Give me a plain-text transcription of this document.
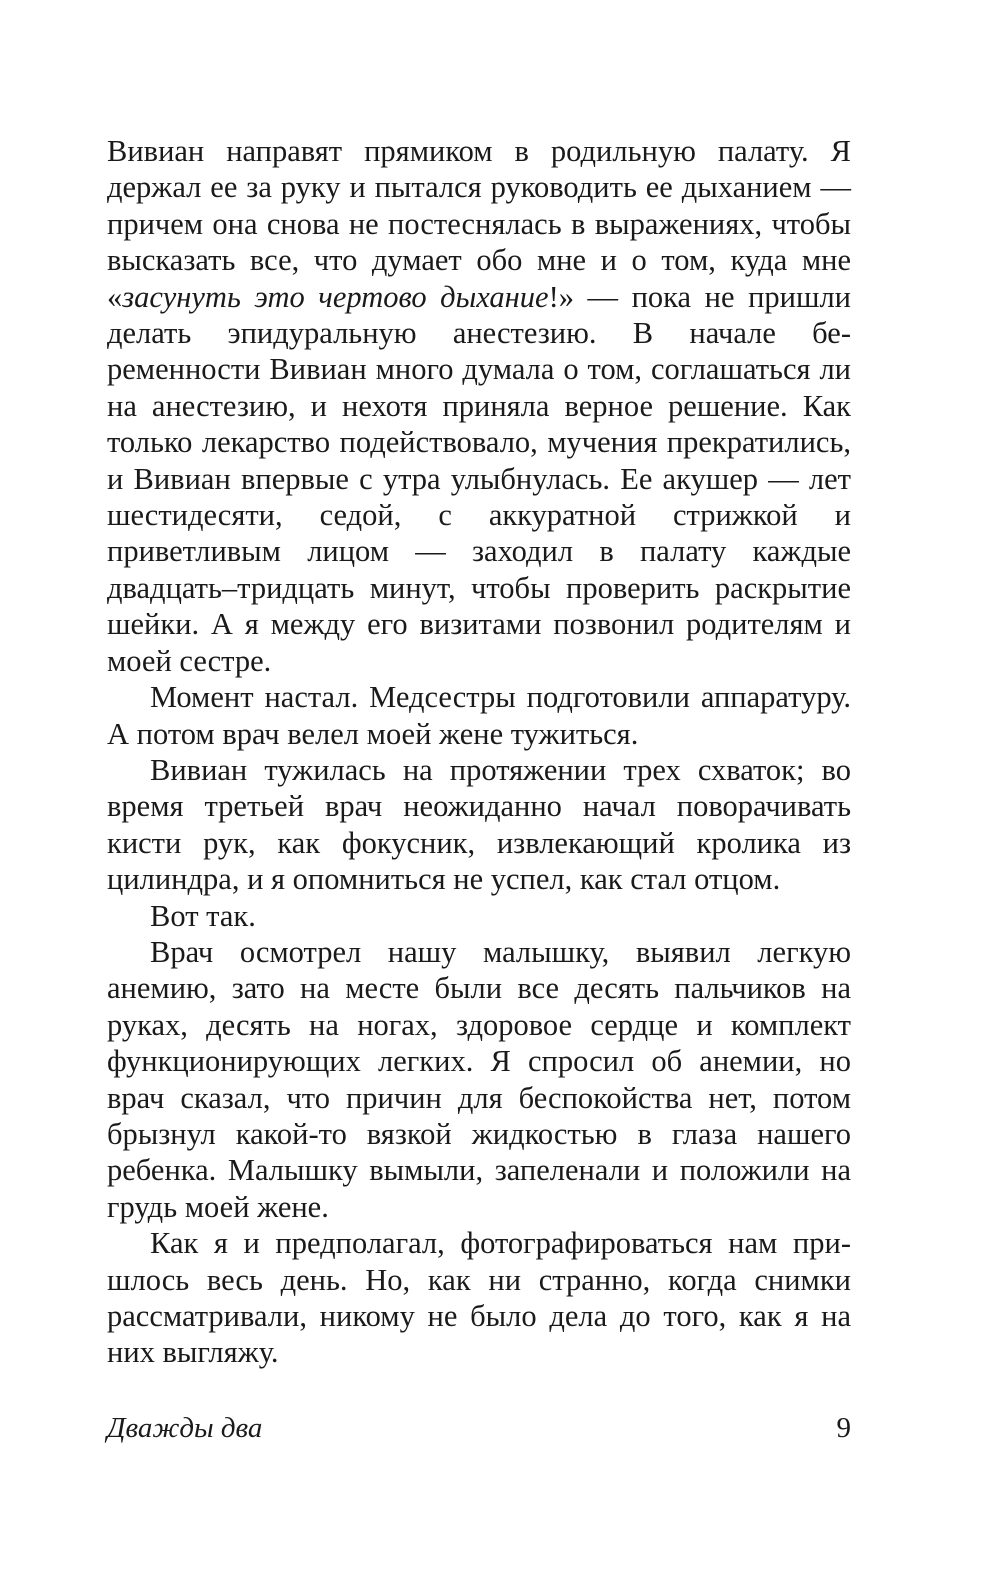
Вивиан направят прямиком в родильную палату. Я держал ее за руку и пытался руководить ее дыханием — причем она снова не постеснялась в выражениях, чтобы высказать все, что думает обо мне и о том, куда мне «засунуть это чертово дыхание!» — пока не пришли делать эпидуральную анестезию. В начале беременности Вивиан много думала о том, соглашаться ли на анестезию, и нехотя приняла верное решение. Как только лекарство подействовало, мучения прекратились, и Вивиан впервые с утра улыбнулась. Ее акушер — лет шестидесяти, седой, с аккуратной стрижкой и приветливым лицом — заходил в палату каждые двадцать–тридцать минут, чтобы проверить раскрытие шейки. А я между его визитами позвонил родителям и моей сестре.

Момент настал. Медсестры подготовили аппаратуру. А потом врач велел моей жене тужиться.

Вивиан тужилась на протяжении трех схваток; во время третьей врач неожиданно начал поворачивать кисти рук, как фокусник, извлекающий кролика из цилиндра, и я опомниться не успел, как стал отцом.

Вот так.

Врач осмотрел нашу малышку, выявил легкую анемию, зато на месте были все десять пальчиков на руках, десять на ногах, здоровое сердце и комплект функционирующих легких. Я спросил об анемии, но врач сказал, что причин для беспокойства нет, потом брызнул какой-то вязкой жидкостью в глаза нашего ребенка. Малышку вымыли, запеленали и положили на грудь моей жене.

Как я и предполагал, фотографироваться нам пришлось весь день. Но, как ни странно, когда снимки рассматривали, никому не было дела до того, как я на них выгляжу.

Дважды два	9
